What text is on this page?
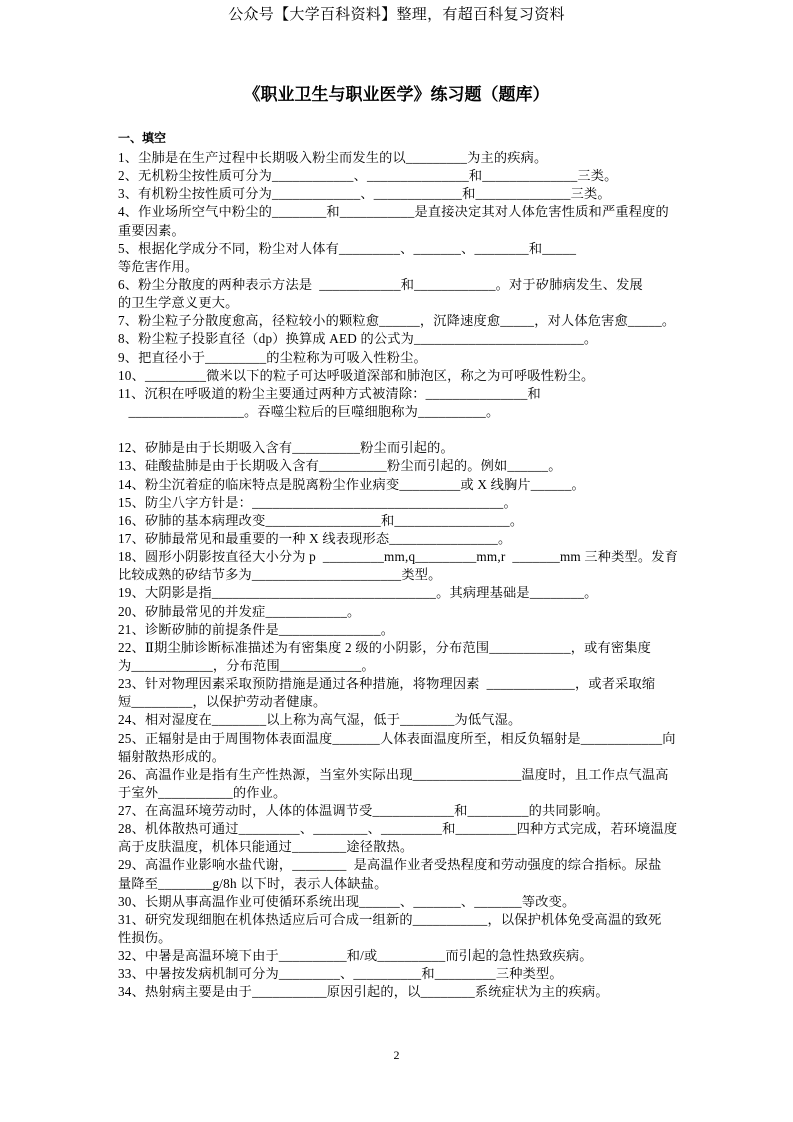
公众号【大学百科资料】整理，有超百科复习资料
《职业卫生与职业医学》练习题（题库）
一、填空
1、尘肺是在生产过程中长期吸入粉尘而发生的以_________为主的疾病。
2、无机粉尘按性质可分为____________、_______________和______________三类。
3、有机粉尘按性质可分为_____________、_____________和______________三类。
4、作业场所空气中粉尘的________和___________是直接决定其对人体危害性质和严重程度的
重要因素。
5、根据化学成分不同，粉尘对人体有_________、_______、________和_____
等危害作用。
6、粉尘分散度的两种表示方法是  ____________和____________。对于矽肺病发生、发展
的卫生学意义更大。
7、粉尘粒子分散度愈高，径粒较小的颗粒愈______，沉降速度愈_____，对人体危害愈_____。
8、粉尘粒子投影直径（dp）换算成 AED 的公式为_________________________。
9、把直径小于_________的尘粒称为可吸入性粉尘。
10、_________微米以下的粒子可达呼吸道深部和肺泡区，称之为可呼吸性粉尘。
11、沉积在呼吸道的粉尘主要通过两种方式被清除：_______________和
_________________。吞噬尘粒后的巨噬细胞称为__________。
12、矽肺是由于长期吸入含有__________粉尘而引起的。
13、硅酸盐肺是由于长期吸入含有__________粉尘而引起的。例如______。
14、粉尘沉着症的临床特点是脱离粉尘作业病变_________或 X 线胸片______。
15、防尘八字方针是：_____________________________________。
16、矽肺的基本病理改变_________________和_________________。
17、矽肺最常见和最重要的一种 X 线表现形态________________。
18、圆形小阴影按直径大小分为 p  _________mm,q_________mm,r  _______mm 三种类型。发育
比较成熟的矽结节多为______________________类型。
19、大阴影是指_________________________________。其病理基础是________。
20、矽肺最常见的并发症____________。
21、诊断矽肺的前提条件是_______________。
22、Ⅱ期尘肺诊断标准描述为有密集度 2 级的小阴影，分布范围____________，或有密集度
为____________，分布范围____________。
23、针对物理因素采取预防措施是通过各种措施，将物理因素  _____________，或者采取缩
短_________，以保护劳动者健康。
24、相对湿度在________以上称为高气湿，低于________为低气湿。
25、正辐射是由于周围物体表面温度_______人体表面温度所至，相反负辐射是____________向
辐射散热形成的。
26、高温作业是指有生产性热源，当室外实际出现________________温度时，且工作点气温高
于室外___________的作业。
27、在高温环境劳动时，人体的体温调节受____________和_________的共同影响。
28、机体散热可通过_________、________、_________和_________四种方式完成，若环境温度
高于皮肤温度，机体只能通过________途径散热。
29、高温作业影响水盐代谢，________  是高温作业者受热程度和劳动强度的综合指标。尿盐
量降至________g/8h 以下时，表示人体缺盐。
30、长期从事高温作业可使循环系统出现______、_______、_______等改变。
31、研究发现细胞在机体热适应后可合成一组新的___________，以保护机体免受高温的致死
性损伤。
32、中暑是高温环境下由于__________和/或__________而引起的急性热致疾病。
33、中暑按发病机制可分为_________、__________和_________三种类型。
34、热射病主要是由于___________原因引起的，以________系统症状为主的疾病。
2
